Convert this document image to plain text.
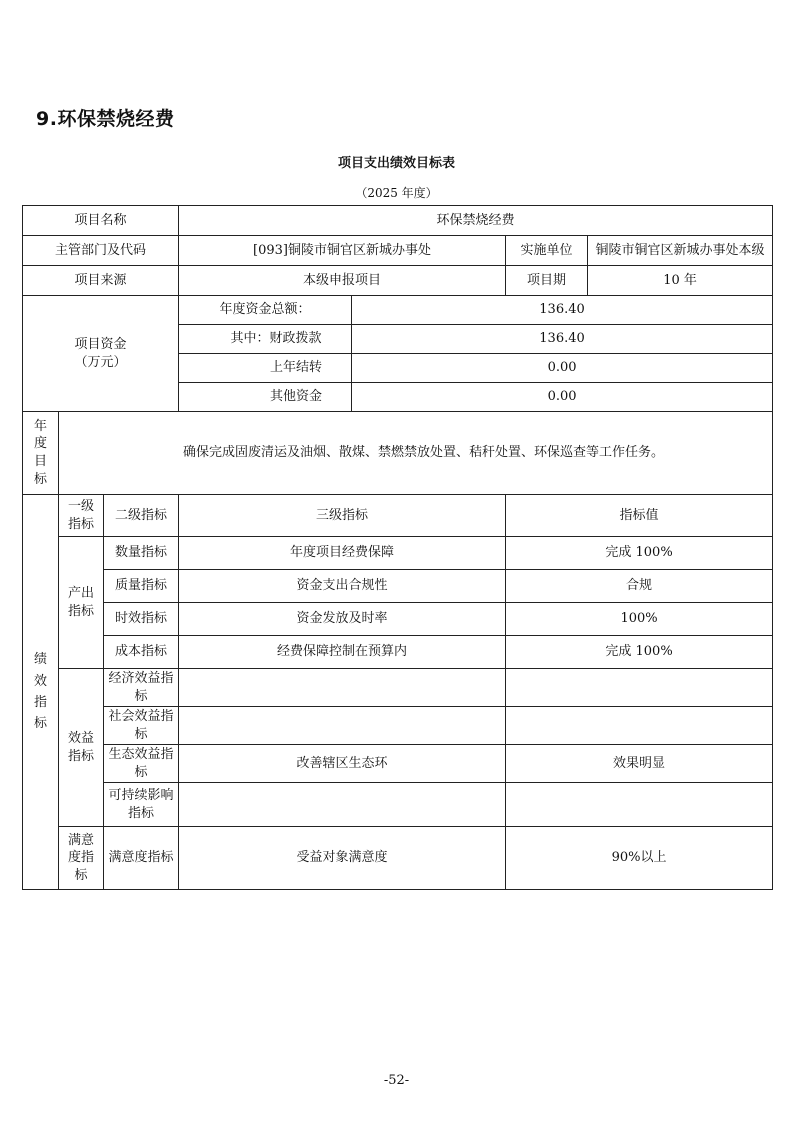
9.环保禁烧经费
项目支出绩效目标表
（2025 年度）
项目名称			环保禁烧经费			
主管部门及代码			[093]铜陵市铜官区新城办事处		实施单位	铜陵市铜官区新城办事处本级
项目来源			本级申报项目		项目期	10 年

项目资金
（万元）			年度资金总额：	136.40		
			其中：财政拨款	136.40		
			上年结转	0.00		
			其他资金	0.00		

年度目标	确保完成固废清运及油烟、散煤、禁燃禁放处置、秸秆处置、环保巡查等工作任务。					

绩效指标	一级指标	二级指标	三级指标		指标值	

	产出指标	数量指标	年度项目经费保障		完成 100%	
		质量指标	资金支出合规性		合规	
		时效指标	资金发放及时率		100%	
		成本指标	经费保障控制在预算内		完成 100%	

	效益指标	经济效益指标				
		社会效益指标				
		生态效益指标	改善辖区生态环		效果明显	
		可持续影响指标				

	满意度指标	满意度指标	受益对象满意度		90%以上	
-52-
